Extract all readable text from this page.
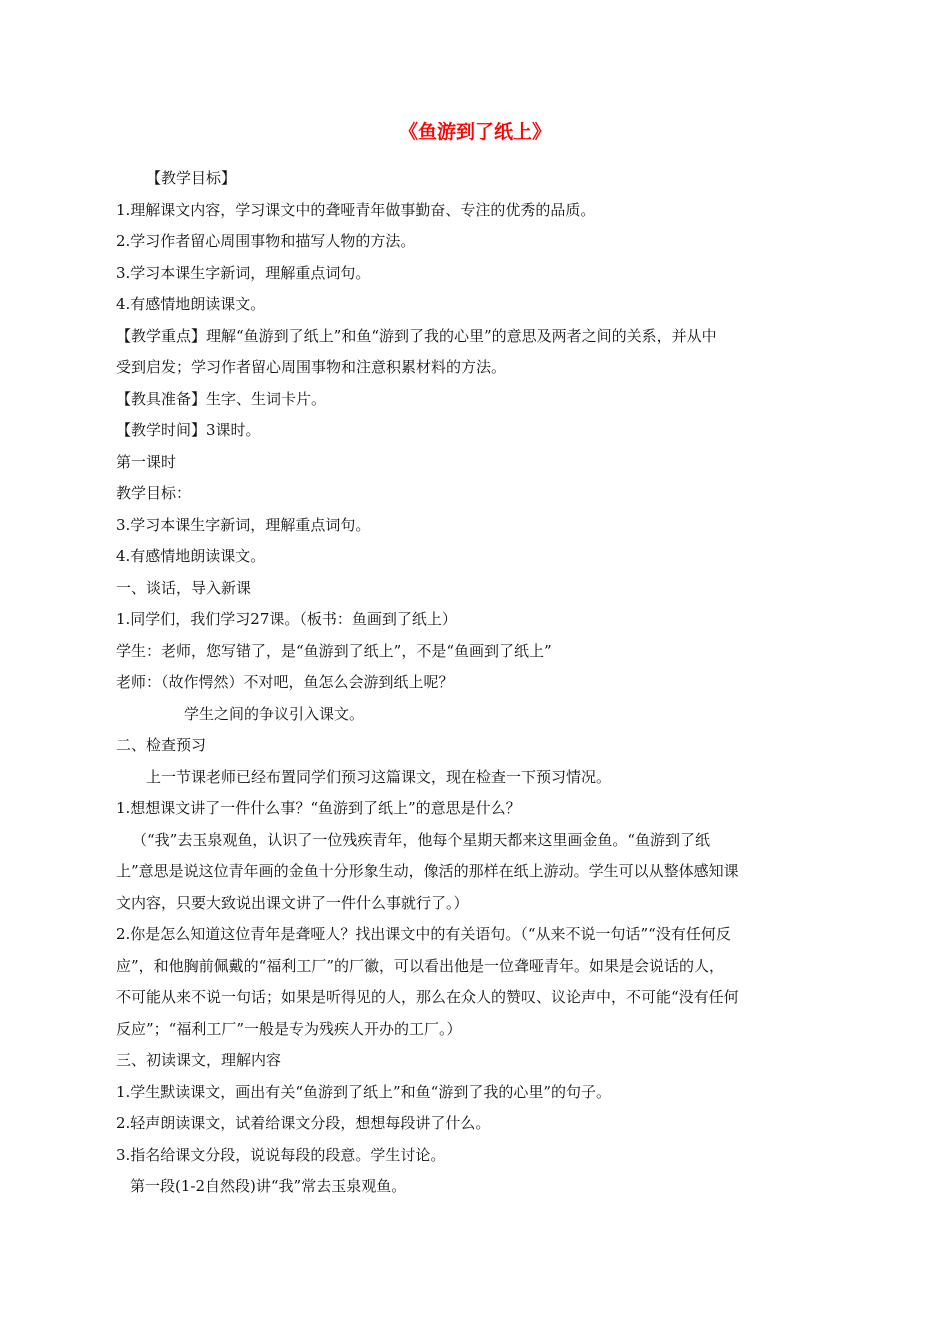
《鱼游到了纸上》

【教学目标】

1.理解课文内容，学习课文中的聋哑青年做事勤奋、专注的优秀的品质。

2.学习作者留心周围事物和描写人物的方法。

3.学习本课生字新词，理解重点词句。

4.有感情地朗读课文。

【教学重点】理解“鱼游到了纸上”和鱼“游到了我的心里”的意思及两者之间的关系，并从中

受到启发；学习作者留心周围事物和注意积累材料的方法。

【教具准备】生字、生词卡片。

【教学时间】3课时。

第一课时

教学目标：

3.学习本课生字新词，理解重点词句。

4.有感情地朗读课文。

一、谈话，导入新课

1.同学们，我们学习27课。（板书：鱼画到了纸上）

学生：老师，您写错了，是“鱼游到了纸上”，不是“鱼画到了纸上”

老师：（故作愕然）不对吧，鱼怎么会游到纸上呢？

学生之间的争议引入课文。

二、检查预习

上一节课老师已经布置同学们预习这篇课文，现在检查一下预习情况。

1.想想课文讲了一件什么事？“鱼游到了纸上”的意思是什么？

（“我”去玉泉观鱼，认识了一位残疾青年，他每个星期天都来这里画金鱼。“鱼游到了纸

上”意思是说这位青年画的金鱼十分形象生动，像活的那样在纸上游动。学生可以从整体感知课

文内容，只要大致说出课文讲了一件什么事就行了。）

2.你是怎么知道这位青年是聋哑人？找出课文中的有关语句。（“从来不说一句话”“没有任何反

应”，和他胸前佩戴的“福利工厂”的厂徽，可以看出他是一位聋哑青年。如果是会说话的人，

不可能从来不说一句话；如果是听得见的人，那么在众人的赞叹、议论声中，不可能“没有任何

反应”；“福利工厂”一般是专为残疾人开办的工厂。）

三、初读课文，理解内容

1.学生默读课文，画出有关“鱼游到了纸上”和鱼“游到了我的心里”的句子。

2.轻声朗读课文，试着给课文分段，想想每段讲了什么。

3.指名给课文分段，说说每段的段意。学生讨论。

第一段(1-2自然段)讲“我”常去玉泉观鱼。
